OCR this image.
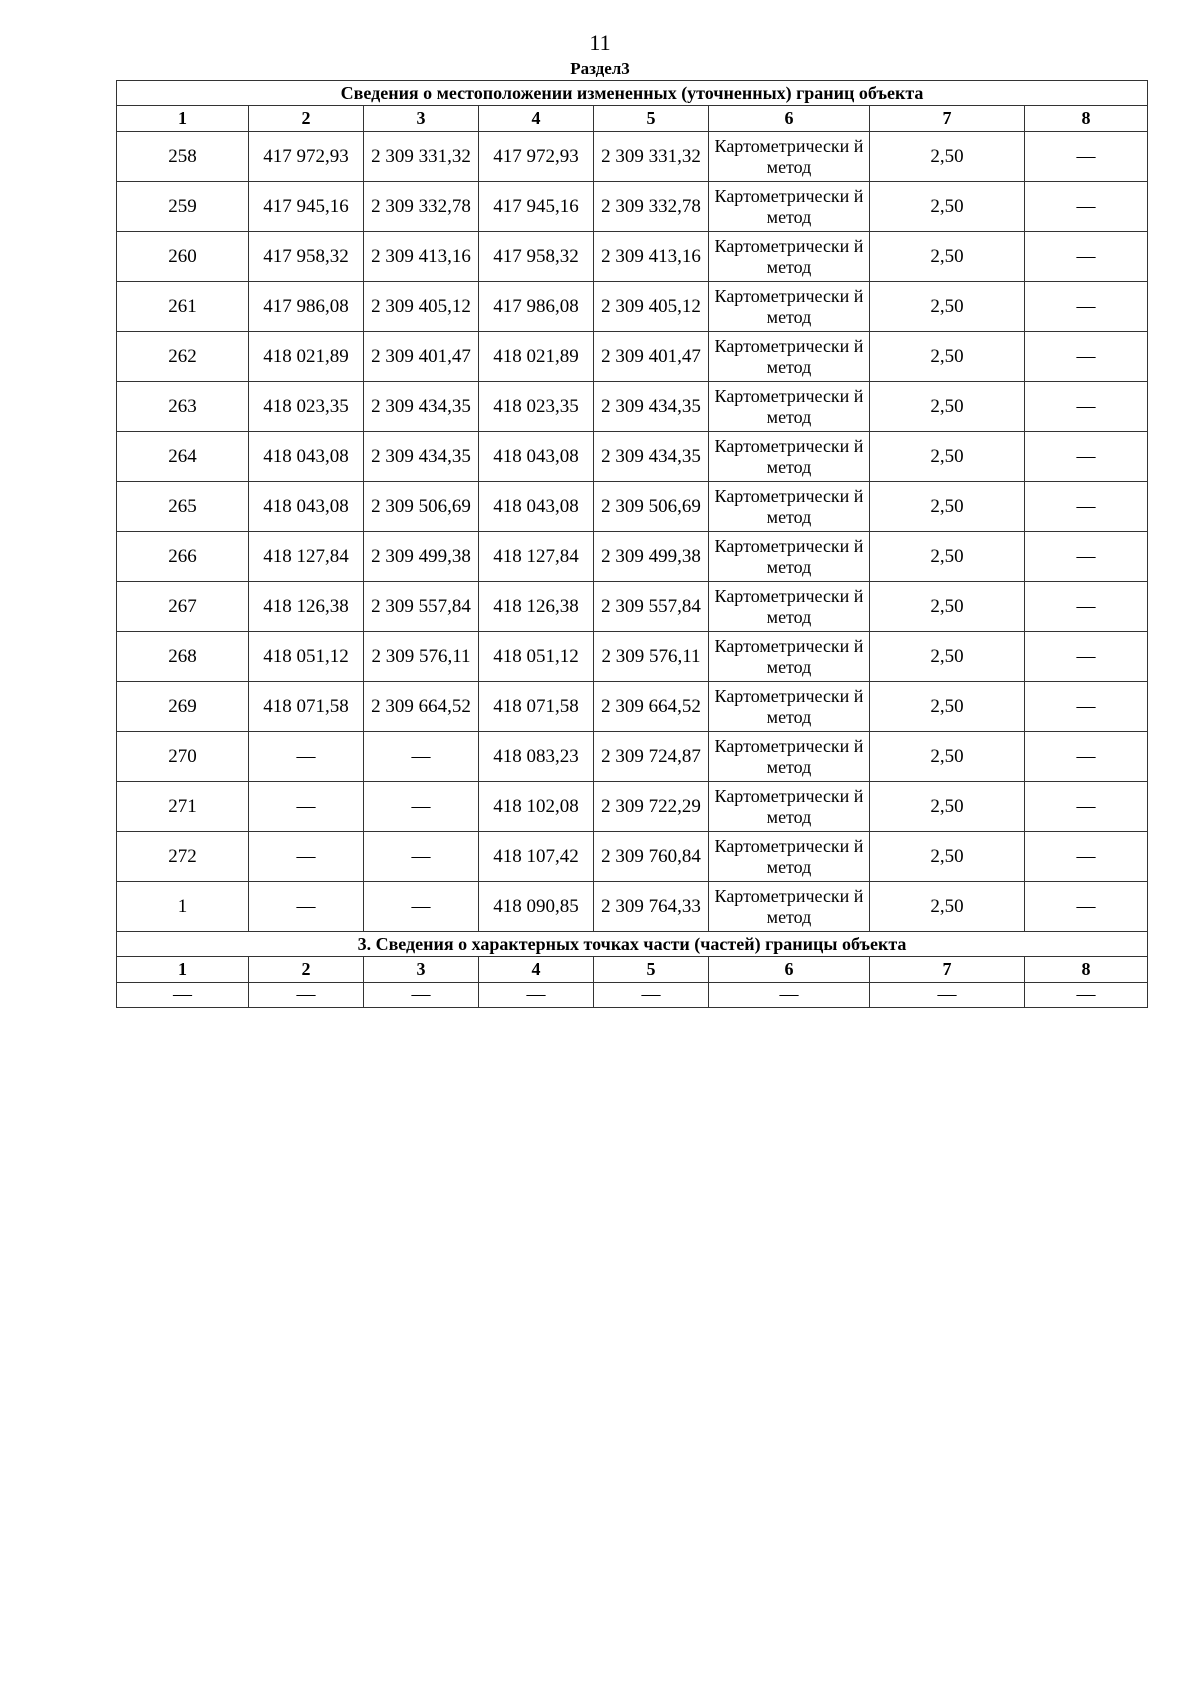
11
Раздел3
Сведения о местоположении измененных (уточненных) границ объекта							
1	2	3	4	5	6	7	8
258	417 972,93	2 309 331,32	417 972,93	2 309 331,32	Картометрически й метод	2,50	—
259	417 945,16	2 309 332,78	417 945,16	2 309 332,78	Картометрически й метод	2,50	—
260	417 958,32	2 309 413,16	417 958,32	2 309 413,16	Картометрически й метод	2,50	—
261	417 986,08	2 309 405,12	417 986,08	2 309 405,12	Картометрически й метод	2,50	—
262	418 021,89	2 309 401,47	418 021,89	2 309 401,47	Картометрически й метод	2,50	—
263	418 023,35	2 309 434,35	418 023,35	2 309 434,35	Картометрически й метод	2,50	—
264	418 043,08	2 309 434,35	418 043,08	2 309 434,35	Картометрически й метод	2,50	—
265	418 043,08	2 309 506,69	418 043,08	2 309 506,69	Картометрически й метод	2,50	—
266	418 127,84	2 309 499,38	418 127,84	2 309 499,38	Картометрически й метод	2,50	—
267	418 126,38	2 309 557,84	418 126,38	2 309 557,84	Картометрически й метод	2,50	—
268	418 051,12	2 309 576,11	418 051,12	2 309 576,11	Картометрически й метод	2,50	—
269	418 071,58	2 309 664,52	418 071,58	2 309 664,52	Картометрически й метод	2,50	—
270	—	—	418 083,23	2 309 724,87	Картометрически й метод	2,50	—
271	—	—	418 102,08	2 309 722,29	Картометрически й метод	2,50	—
272	—	—	418 107,42	2 309 760,84	Картометрически й метод	2,50	—
1	—	—	418 090,85	2 309 764,33	Картометрически й метод	2,50	—
3. Сведения о характерных точках части (частей) границы объекта							
1	2	3	4	5	6	7	8
—	—	—	—	—	—	—	—
